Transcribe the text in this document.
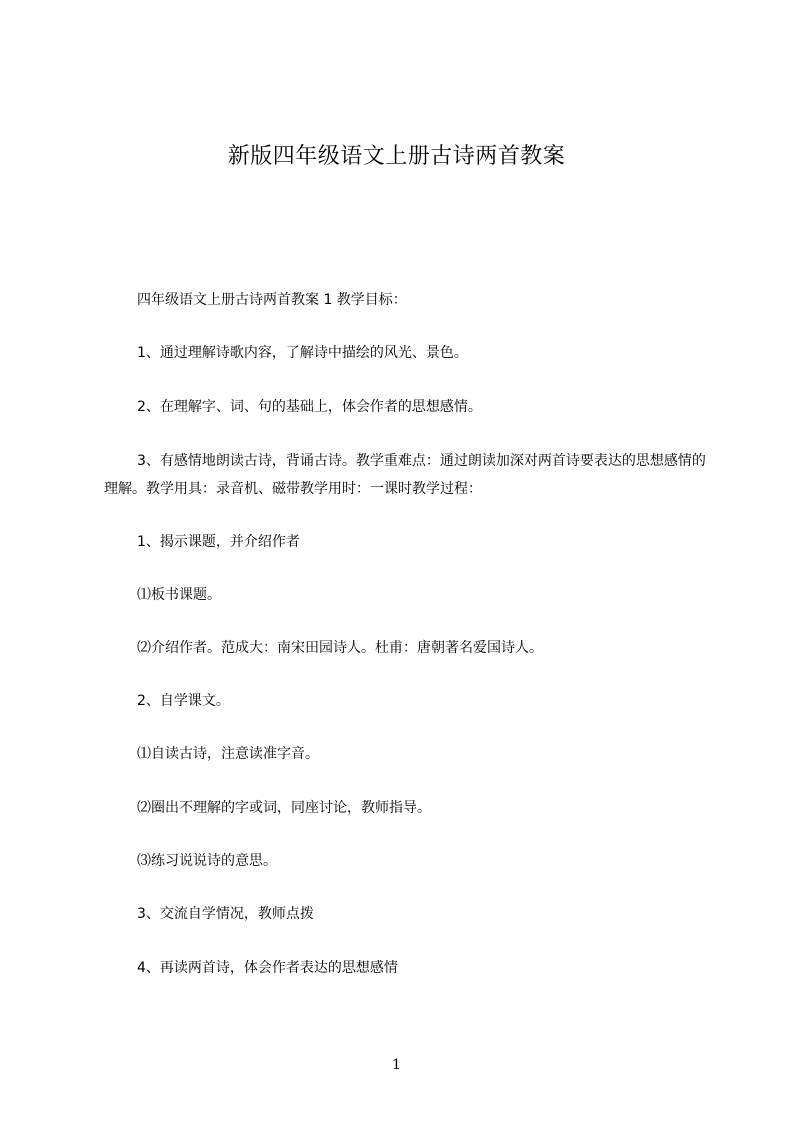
新版四年级语文上册古诗两首教案
四年级语文上册古诗两首教案 1 教学目标：
1、通过理解诗歌内容，了解诗中描绘的风光、景色。
2、在理解字、词、句的基础上，体会作者的思想感情。
3、有感情地朗读古诗，背诵古诗。教学重难点：通过朗读加深对两首诗要表达的思想感情的理解。教学用具：录音机、磁带教学用时：一课时教学过程：
1、揭示课题，并介绍作者
⑴板书课题。
⑵介绍作者。范成大：南宋田园诗人。杜甫：唐朝著名爱国诗人。
2、自学课文。
⑴自读古诗，注意读准字音。
⑵圈出不理解的字或词，同座讨论，教师指导。
⑶练习说说诗的意思。
3、交流自学情况，教师点拨
4、再读两首诗，体会作者表达的思想感情
1
